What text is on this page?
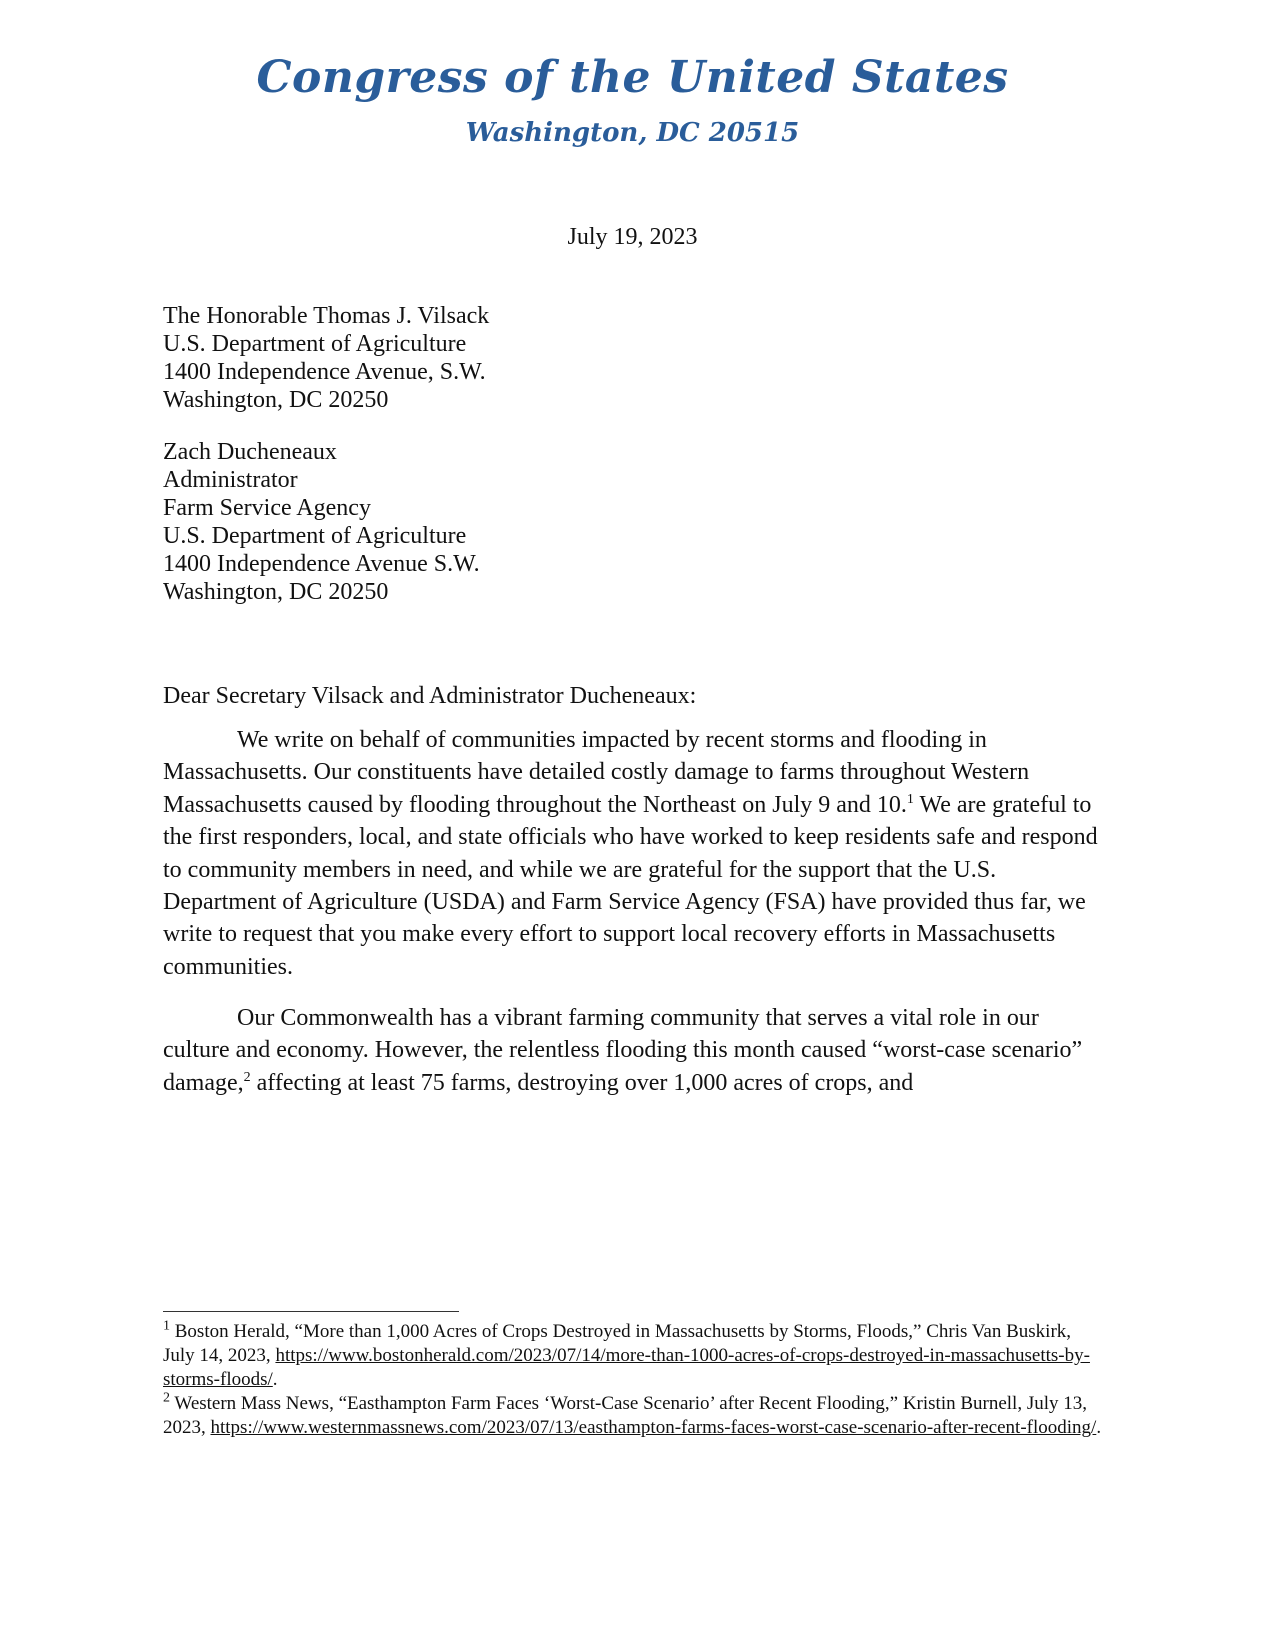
Congress of the United States
Washington, DC 20515
July 19, 2023
The Honorable Thomas J. Vilsack
U.S. Department of Agriculture
1400 Independence Avenue, S.W.
Washington, DC 20250
Zach Ducheneaux
Administrator
Farm Service Agency
U.S. Department of Agriculture
1400 Independence Avenue S.W.
Washington, DC 20250
Dear Secretary Vilsack and Administrator Ducheneaux:

We write on behalf of communities impacted by recent storms and flooding in Massachusetts. Our constituents have detailed costly damage to farms throughout Western Massachusetts caused by flooding throughout the Northeast on July 9 and 10.$^1$ We are grateful to the first responders, local, and state officials who have worked to keep residents safe and respond to community members in need, and while we are grateful for the support that the U.S. Department of Agriculture (USDA) and Farm Service Agency (FSA) have provided thus far, we write to request that you make every effort to support local recovery efforts in Massachusetts communities.

Our Commonwealth has a vibrant farming community that serves a vital role in our culture and economy. However, the relentless flooding this month caused “worst-case scenario” damage,$^2$ affecting at least 75 farms, destroying over 1,000 acres of crops, and

$^1$ Boston Herald, “More than 1,000 Acres of Crops Destroyed in Massachusetts by Storms, Floods,” Chris Van Buskirk, July 14, 2023, https://www.bostonherald.com/2023/07/14/more-than-1000-acres-of-crops-destroyed-in-massachusetts-by-storms-floods/.

$^2$ Western Mass News, “Easthampton Farm Faces ‘Worst-Case Scenario’ after Recent Flooding,” Kristin Burnell, July 13, 2023, https://www.westernmassnews.com/2023/07/13/easthampton-farms-faces-worst-case-scenario-after-recent-flooding/.
